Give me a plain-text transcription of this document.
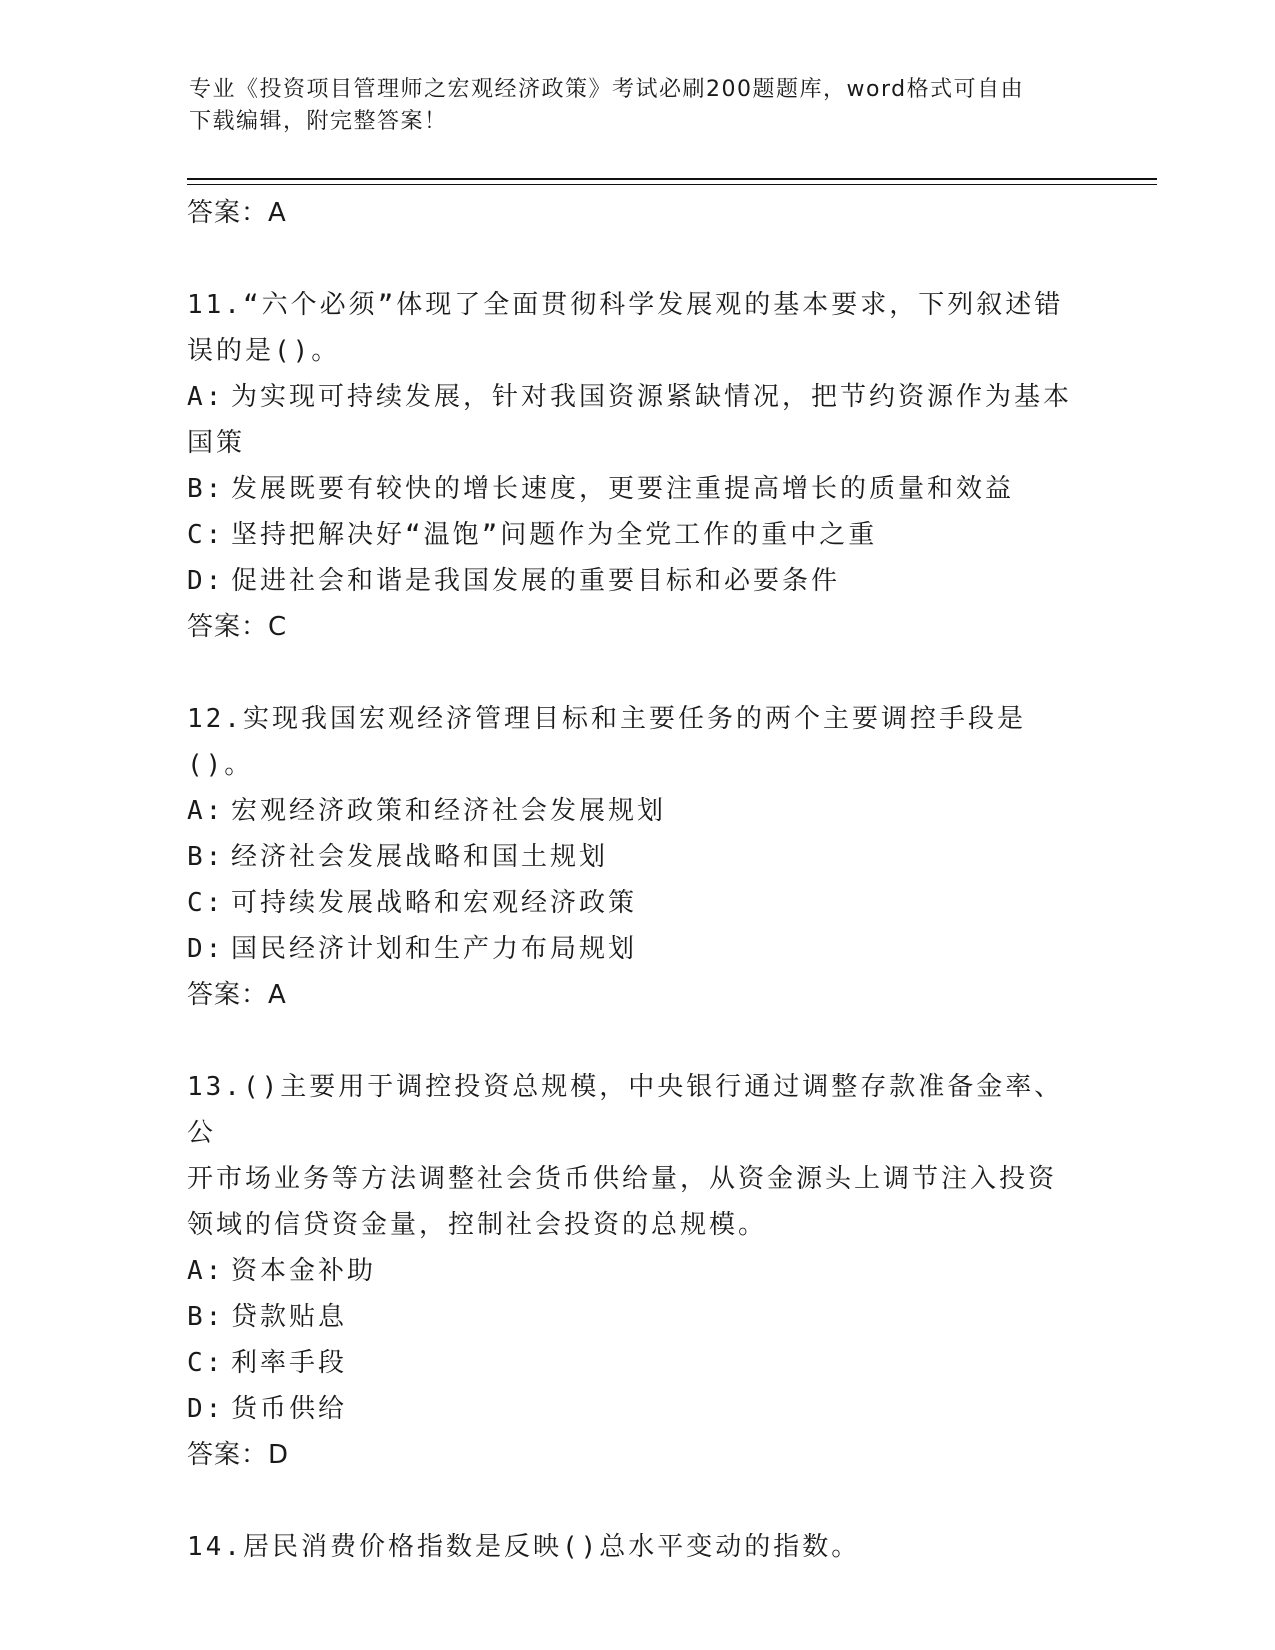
专业《投资项目管理师之宏观经济政策》考试必刷200题题库，word格式可自由
下载编辑，附完整答案！
答案：A
11.“六个必须”体现了全面贯彻科学发展观的基本要求，下列叙述错
误的是()。
A: 为实现可持续发展，针对我国资源紧缺情况，把节约资源作为基本
国策
B: 发展既要有较快的增长速度，更要注重提高增长的质量和效益
C: 坚持把解决好“温饱”问题作为全党工作的重中之重
D: 促进社会和谐是我国发展的重要目标和必要条件
答案：C
12.实现我国宏观经济管理目标和主要任务的两个主要调控手段是()。
A: 宏观经济政策和经济社会发展规划
B: 经济社会发展战略和国土规划
C: 可持续发展战略和宏观经济政策
D: 国民经济计划和生产力布局规划
答案：A
13.()主要用于调控投资总规模，中央银行通过调整存款准备金率、公
开市场业务等方法调整社会货币供给量，从资金源头上调节注入投资
领域的信贷资金量，控制社会投资的总规模。
A: 资本金补助
B: 贷款贴息
C: 利率手段
D: 货币供给
答案：D
14.居民消费价格指数是反映()总水平变动的指数。
